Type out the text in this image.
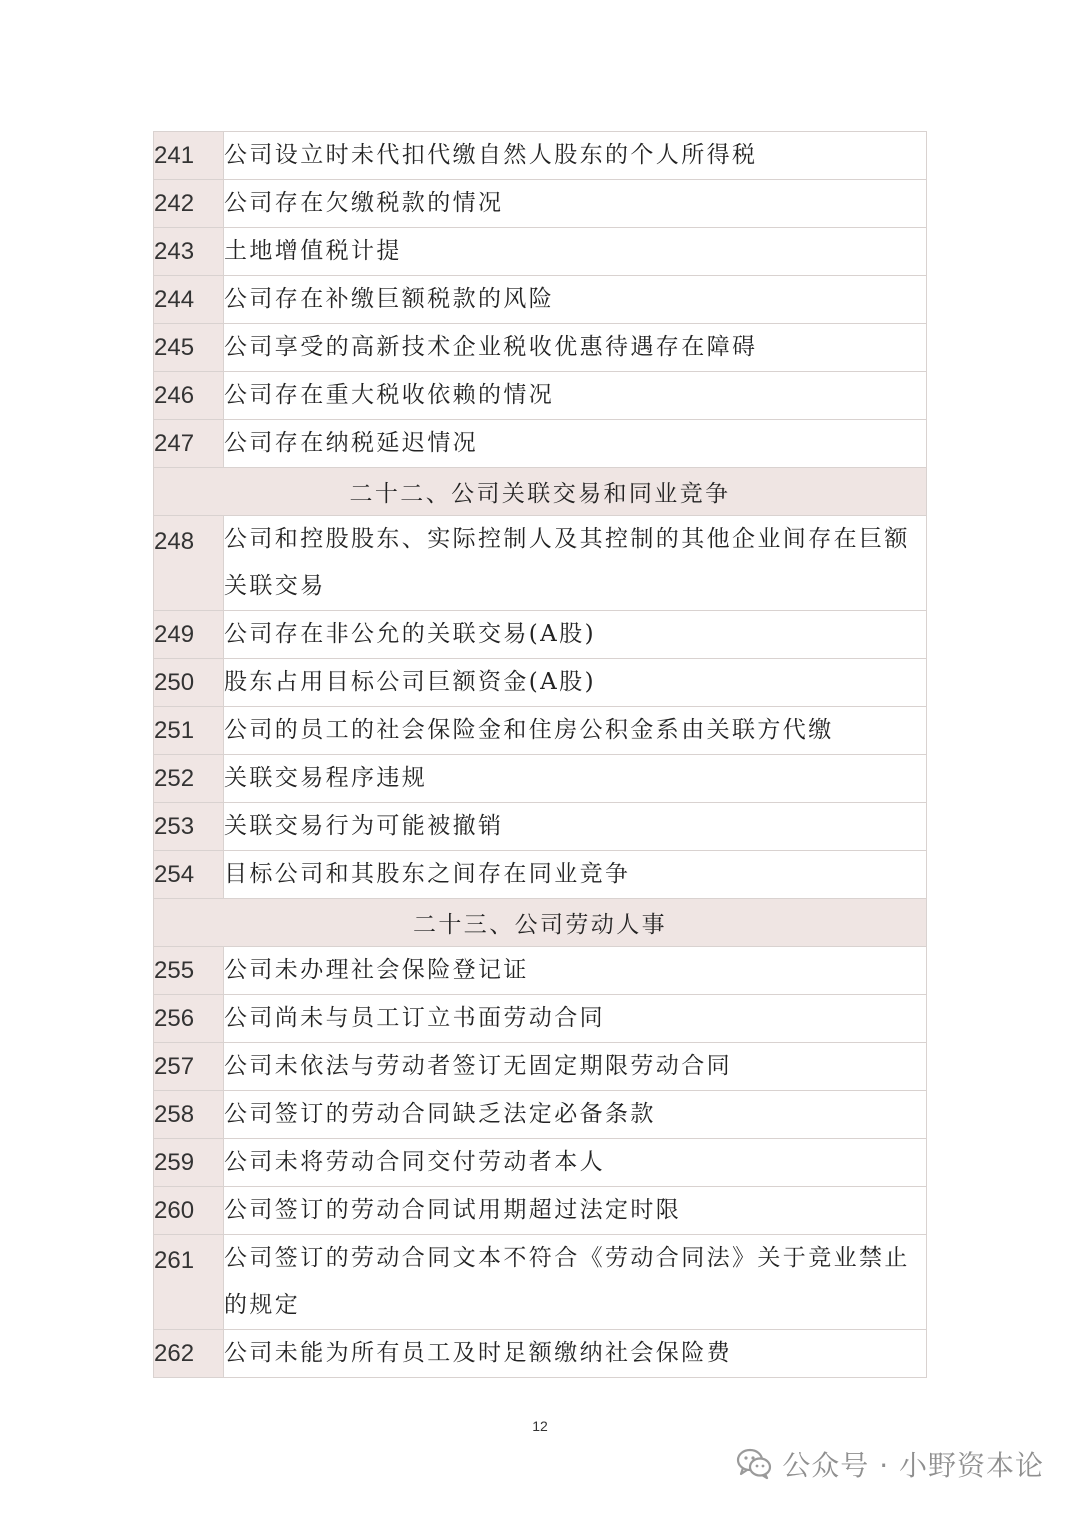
241	公司设立时未代扣代缴自然人股东的个人所得税
242	公司存在欠缴税款的情况
243	土地增值税计提
244	公司存在补缴巨额税款的风险
245	公司享受的高新技术企业税收优惠待遇存在障碍
246	公司存在重大税收依赖的情况
247	公司存在纳税延迟情况
二十二、公司关联交易和同业竞争	
248	公司和控股股东、实际控制人及其控制的其他企业间存在巨额关联交易
249	公司存在非公允的关联交易(A股)
250	股东占用目标公司巨额资金(A股)
251	公司的员工的社会保险金和住房公积金系由关联方代缴
252	关联交易程序违规
253	关联交易行为可能被撤销
254	目标公司和其股东之间存在同业竞争
二十三、公司劳动人事	
255	公司未办理社会保险登记证
256	公司尚未与员工订立书面劳动合同
257	公司未依法与劳动者签订无固定期限劳动合同
258	公司签订的劳动合同缺乏法定必备条款
259	公司未将劳动合同交付劳动者本人
260	公司签订的劳动合同试用期超过法定时限
261	公司签订的劳动合同文本不符合《劳动合同法》关于竞业禁止的规定
262	公司未能为所有员工及时足额缴纳社会保险费
12
公众号 · 小野资本论
